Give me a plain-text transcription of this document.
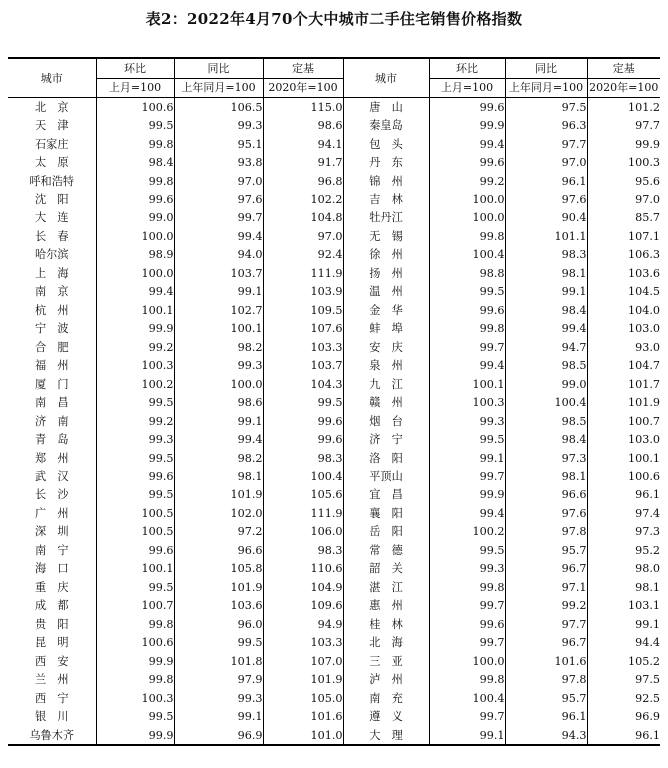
表2：2022年4月70个大中城市二手住宅销售价格指数
城市	环比	同比	定基	城市	环比	同比	定基
	上月=100	上年同月=100	2020年=100		上月=100	上年同月=100	2020年=100
北　京	100.6	106.5	115.0	唐　山	99.6	97.5	101.2
天　津	99.5	99.3	98.6	秦皇岛	99.9	96.3	97.7
石家庄	99.8	95.1	94.1	包　头	99.4	97.7	99.9
太　原	98.4	93.8	91.7	丹　东	99.6	97.0	100.3
呼和浩特	99.8	97.0	96.8	锦　州	99.2	96.1	95.6
沈　阳	99.6	97.6	102.2	吉　林	100.0	97.6	97.0
大　连	99.0	99.7	104.8	牡丹江	100.0	90.4	85.7
长　春	100.0	99.4	97.0	无　锡	99.8	101.1	107.1
哈尔滨	98.9	94.0	92.4	徐　州	100.4	98.3	106.3
上　海	100.0	103.7	111.9	扬　州	98.8	98.1	103.6
南　京	99.4	99.1	103.9	温　州	99.5	99.1	104.5
杭　州	100.1	102.7	109.5	金　华	99.6	98.4	104.0
宁　波	99.9	100.1	107.6	蚌　埠	99.8	99.4	103.0
合　肥	99.2	98.2	103.3	安　庆	99.7	94.7	93.0
福　州	100.3	99.3	103.7	泉　州	99.4	98.5	104.7
厦　门	100.2	100.0	104.3	九　江	100.1	99.0	101.7
南　昌	99.5	98.6	99.5	赣　州	100.3	100.4	101.9
济　南	99.2	99.1	99.6	烟　台	99.3	98.5	100.7
青　岛	99.3	99.4	99.6	济　宁	99.5	98.4	103.0
郑　州	99.5	98.2	98.3	洛　阳	99.1	97.3	100.1
武　汉	99.6	98.1	100.4	平顶山	99.7	98.1	100.6
长　沙	99.5	101.9	105.6	宜　昌	99.9	96.6	96.1
广　州	100.5	102.0	111.9	襄　阳	99.4	97.6	97.4
深　圳	100.5	97.2	106.0	岳　阳	100.2	97.8	97.3
南　宁	99.6	96.6	98.3	常　德	99.5	95.7	95.2
海　口	100.1	105.8	110.6	韶　关	99.3	96.7	98.0
重　庆	99.5	101.9	104.9	湛　江	99.8	97.1	98.1
成　都	100.7	103.6	109.6	惠　州	99.7	99.2	103.1
贵　阳	99.8	96.0	94.9	桂　林	99.6	97.7	99.1
昆　明	100.6	99.5	103.3	北　海	99.7	96.7	94.4
西　安	99.9	101.8	107.0	三　亚	100.0	101.6	105.2
兰　州	99.8	97.9	101.9	泸　州	99.8	97.8	97.5
西　宁	100.3	99.3	105.0	南　充	100.4	95.7	92.5
银　川	99.5	99.1	101.6	遵　义	99.7	96.1	96.9
乌鲁木齐	99.9	96.9	101.0	大　理	99.1	94.3	96.1
